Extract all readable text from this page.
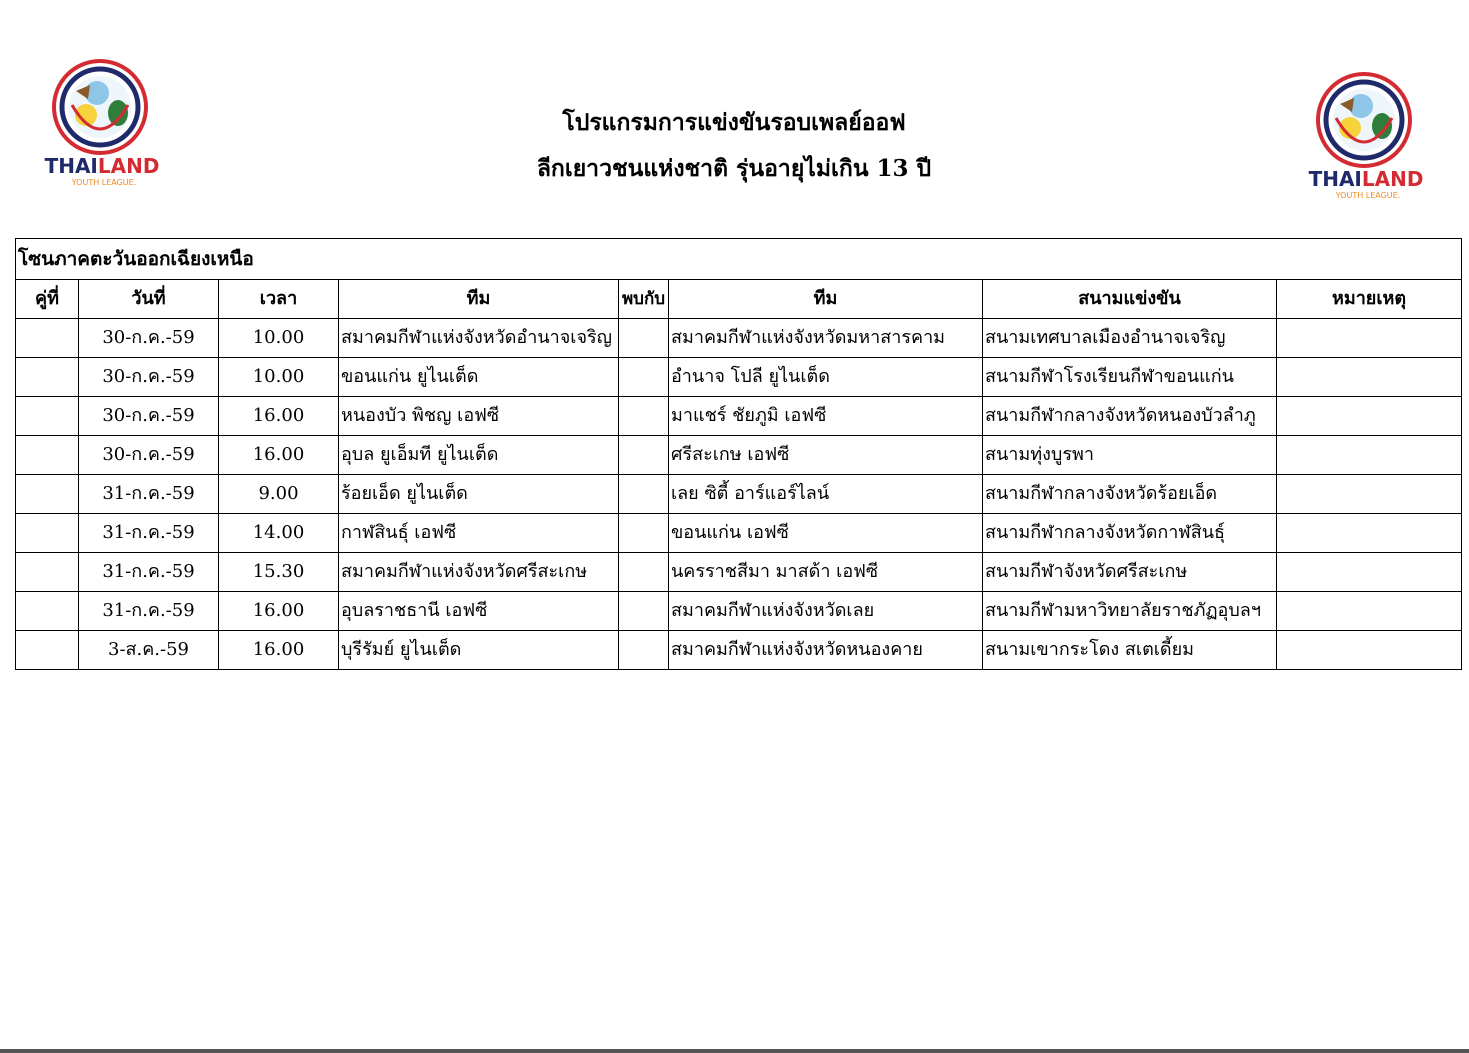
THAILAND
YOUTH LEAGUE.	THAILAND
YOUTH LEAGUE.
โปรแกรมการแข่งขันรอบเพลย์ออฟ
ลีกเยาวชนแห่งชาติ รุ่นอายุไม่เกิน 13 ปี
โซนภาคตะวันออกเฉียงเหนือ							
คู่ที่	วันที่	เวลา	ทีม	พบกับ	ทีม	สนามแข่งขัน	หมายเหตุ
	30-ก.ค.-59	10.00	สมาคมกีฬาแห่งจังหวัดอำนาจเจริญ		สมาคมกีฬาแห่งจังหวัดมหาสารคาม	สนามเทศบาลเมืองอำนาจเจริญ	
	30-ก.ค.-59	10.00	ขอนแก่น ยูไนเต็ด		อำนาจ โปลี ยูไนเต็ด	สนามกีฬาโรงเรียนกีฬาขอนแก่น	
	30-ก.ค.-59	16.00	หนองบัว พิชญ เอฟซี		มาแชร์ ชัยภูมิ เอฟซี	สนามกีฬากลางจังหวัดหนองบัวลำภู	
	30-ก.ค.-59	16.00	อุบล ยูเอ็มที ยูไนเต็ด		ศรีสะเกษ เอฟซี	สนามทุ่งบูรพา	
	31-ก.ค.-59	9.00	ร้อยเอ็ด ยูไนเต็ด		เลย ซิตี้ อาร์แอร์ไลน์	สนามกีฬากลางจังหวัดร้อยเอ็ด	
	31-ก.ค.-59	14.00	กาฬสินธุ์ เอฟซี		ขอนแก่น เอฟซี	สนามกีฬากลางจังหวัดกาฬสินธุ์	
	31-ก.ค.-59	15.30	สมาคมกีฬาแห่งจังหวัดศรีสะเกษ		นครราชสีมา มาสด้า เอฟซี	สนามกีฬาจังหวัดศรีสะเกษ	
	31-ก.ค.-59	16.00	อุบลราชธานี เอฟซี		สมาคมกีฬาแห่งจังหวัดเลย	สนามกีฬามหาวิทยาลัยราชภัฏอุบลฯ	
	3-ส.ค.-59	16.00	บุรีรัมย์ ยูไนเต็ด		สมาคมกีฬาแห่งจังหวัดหนองคาย	สนามเขากระโดง สเตเดี้ยม	
